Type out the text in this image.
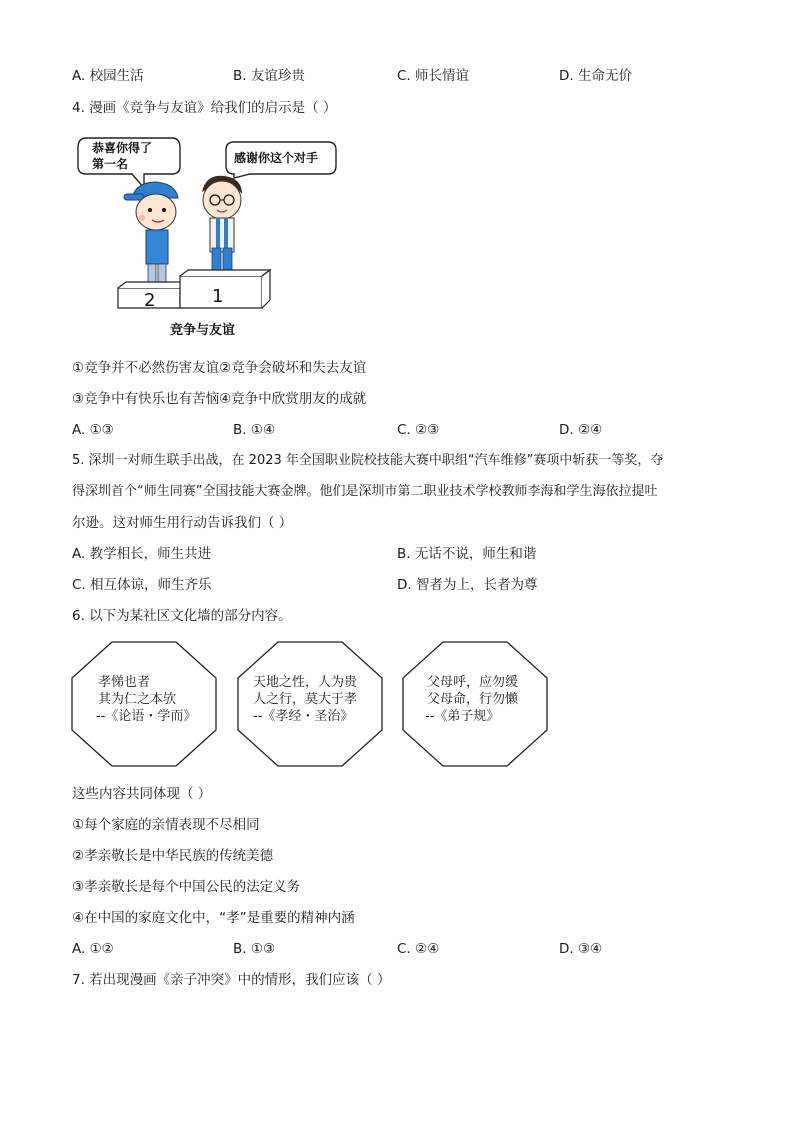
A. 校园生活	B. 友谊珍贵	C. 师长情谊	D. 生命无价
4. 漫画《竞争与友谊》给我们的启示是（ ）
恭喜你得了
第一名	感谢你这个对手
2	1
竞争与友谊
①竞争并不必然伤害友谊②竞争会破坏和失去友谊
③竞争中有快乐也有苦恼④竞争中欣赏朋友的成就
A. ①③	B. ①④	C. ②③	D. ②④
5. 深圳一对师生联手出战，在 2023 年全国职业院校技能大赛中职组“汽车维修”赛项中斩获一等奖，夺
得深圳首个“师生同赛”全国技能大赛金牌。他们是深圳市第二职业技术学校教师李海和学生海依拉提吐
尔逊。这对师生用行动告诉我们（ ）
A. 教学相长，师生共进	B. 无话不说，师生和谐
C. 相互体谅，师生齐乐	D. 智者为上，长者为尊
6. 以下为某社区文化墙的部分内容。
孝悌也者
其为仁之本欤
--《论语・学而》
天地之性，人为贵
人之行，莫大于孝
--《孝经・圣治》
父母呼，应勿缓
父母命，行勿懒
--《弟子规》
这些内容共同体现（ ）
①每个家庭的亲情表现不尽相同
②孝亲敬长是中华民族的传统美德
③孝亲敬长是每个中国公民的法定义务
④在中国的家庭文化中，“孝”是重要的精神内涵
A. ①②	B. ①③	C. ②④	D. ③④
7. 若出现漫画《亲子冲突》中的情形，我们应该（ ）
